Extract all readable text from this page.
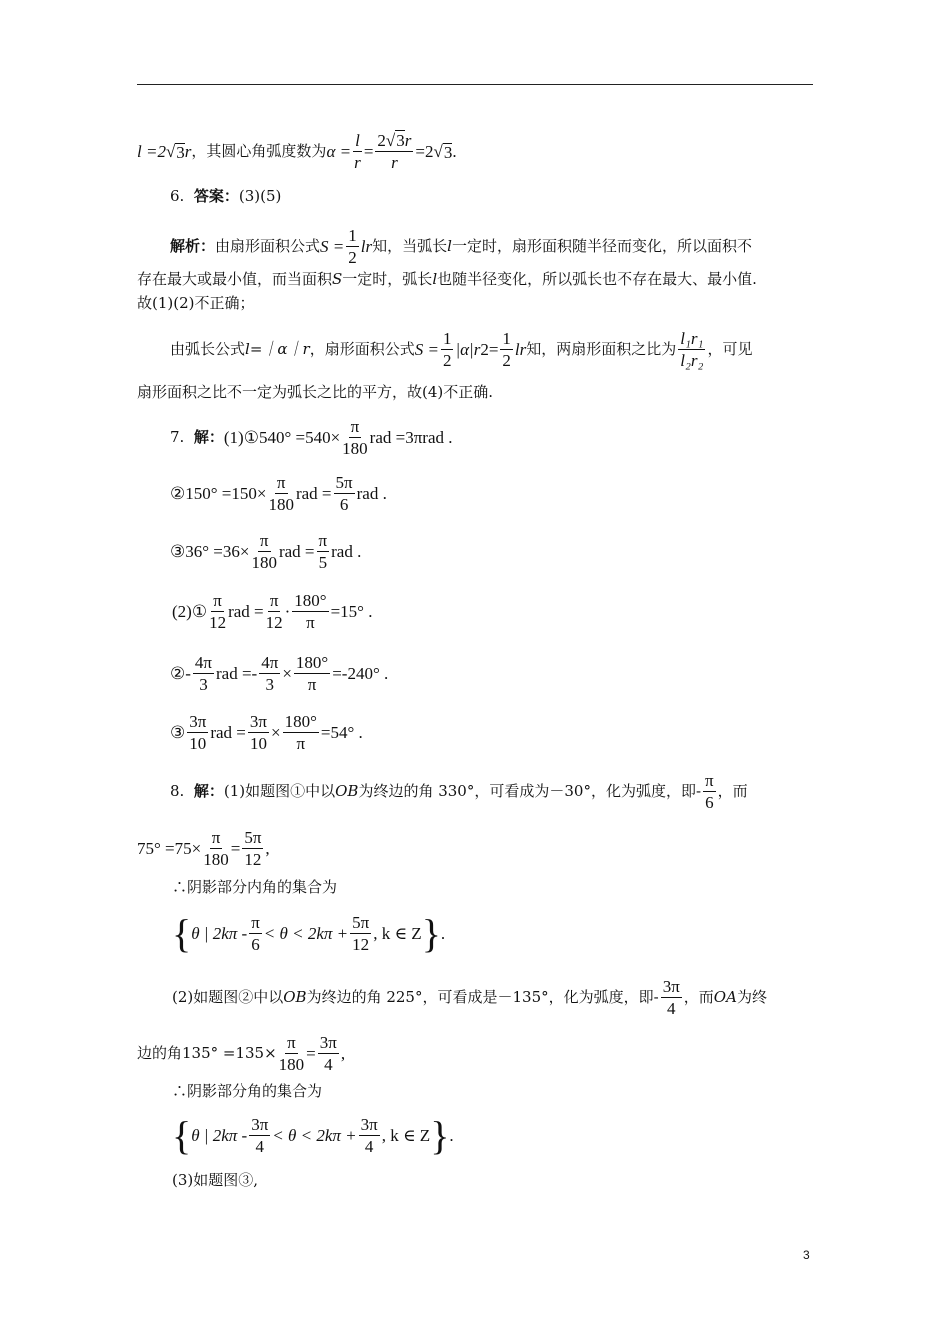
l =2 √ 3 r ，其圆心角弧度数为 $\alpha = \frac{l}{r} = \frac{2√3r}{r} =2$ √ 3 .
6.
答案： (3)(5)
解析： 由扇形面积公式 $S = \frac{1}{2}$ lr 知，当弧长 l 一定时，扇形面积随半径而变化，所以面积不
存在最大或最小值，而当面积 S 一定时，弧长 l 也随半径变化，所以弧长也不存在最大、最小值.
故(1)(2)不正确；
由弧长公式 l=｜α｜r ，扇形面积公式 $S = \frac{1}{2} |\alpha|r$ $2 = \frac{1}{2}$ lr 知，两扇形面积之比为 $\frac{\text{l₁r₁}}{\text{l₂r₂}}$ ，可见
扇形面积之比不一定为弧长之比的平方，故(4)不正确.
7.
解： (1)①540° $=540\times \frac{\pi}{180}$ rad =3πrad .
②150° $=150\times \frac{\pi}{180}$ rad = $\frac{5\pi}{6}$ rad .
③36° $=36\times \frac{\pi}{180}$ rad = $\frac{\pi}{5}$ rad .
(2)① $\frac{\pi}{12}$ rad = $\frac{\pi}{12} \cdot \frac{180^\circ}{\pi} =15^\circ$ .
②- $\frac{4\pi}{3}$ rad =- $\frac{4\pi}{3} \times \frac{180^\circ}{\pi} =-240^\circ$ .
③ $\frac{3\pi}{10}$ rad = $\frac{3\pi}{10} \times \frac{180^\circ}{\pi} =54^\circ$ .
8.
解： (1)如题图①中以 OB 为终边的角 330°，可看成为－30°，化为弧度，即- $\frac{\pi}{6}$ ，而
$75^\circ =75\times \frac{\pi}{180} = \frac{5\pi}{12}$ ,
∴阴影部分内角的集合为
{ θ | $2k\pi - \frac{\pi}{6} < \theta < 2k\pi + \frac{5\pi}{12}$ , k ∈ Z } .
(2)如题图②中以 OB 为终边的角 225°，可看成是－135°，化为弧度，即- $\frac{3\pi}{4}$ ，而 OA 为终
边的角$135^\circ =135\times \frac{\pi}{180} = \frac{3\pi}{4}$ ,
∴阴影部分角的集合为
{ θ | $2k\pi - \frac{3\pi}{4} < \theta < 2k\pi + \frac{3\pi}{4}$ , k ∈ Z } .
(3)如题图③,
3
